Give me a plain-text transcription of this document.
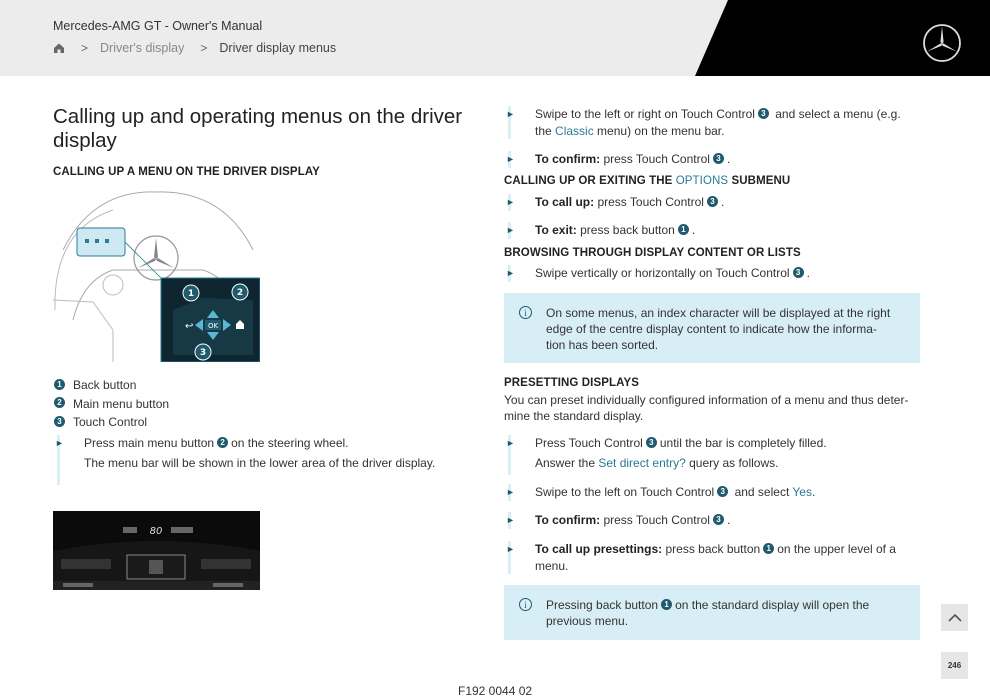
Mercedes-AMG GT - Owner's Manual
> Driver's display > Driver display menus
Calling up and operating menus on the driver display
CALLING UP A MENU ON THE DRIVER DISPLAY
OK
↩
1	2
3
1 Back button
2 Main menu button
3 Touch Control
► Press main menu button 2 on the steering wheel.
The menu bar will be shown in the lower area of the driver display.
80
► Swipe to the left or right on Touch Control 3 and select a menu (e.g.
the Classic menu) on the menu bar.
► To confirm: press Touch Control 3 .
CALLING UP OR EXITING THE OPTIONS SUBMENU
► To call up: press Touch Control 3 .
► To exit: press back button 1 .
BROWSING THROUGH DISPLAY CONTENT OR LISTS
► Swipe vertically or horizontally on Touch Control 3 .
i	On some menus, an index character will be displayed at the right
edge of the centre display content to indicate how the informa-
tion has been sorted.
PRESETTING DISPLAYS
You can preset individually configured information of a menu and thus deter-
mine the standard display.
► Press Touch Control 3 until the bar is completely filled.
Answer the Set direct entry? query as follows.
► Swipe to the left on Touch Control 3 and select Yes.
► To confirm: press Touch Control 3 .
► To call up presettings: press back button 1 on the upper level of a
menu.
i	Pressing back button 1 on the standard display will open the
previous menu.
246
F192 0044 02
